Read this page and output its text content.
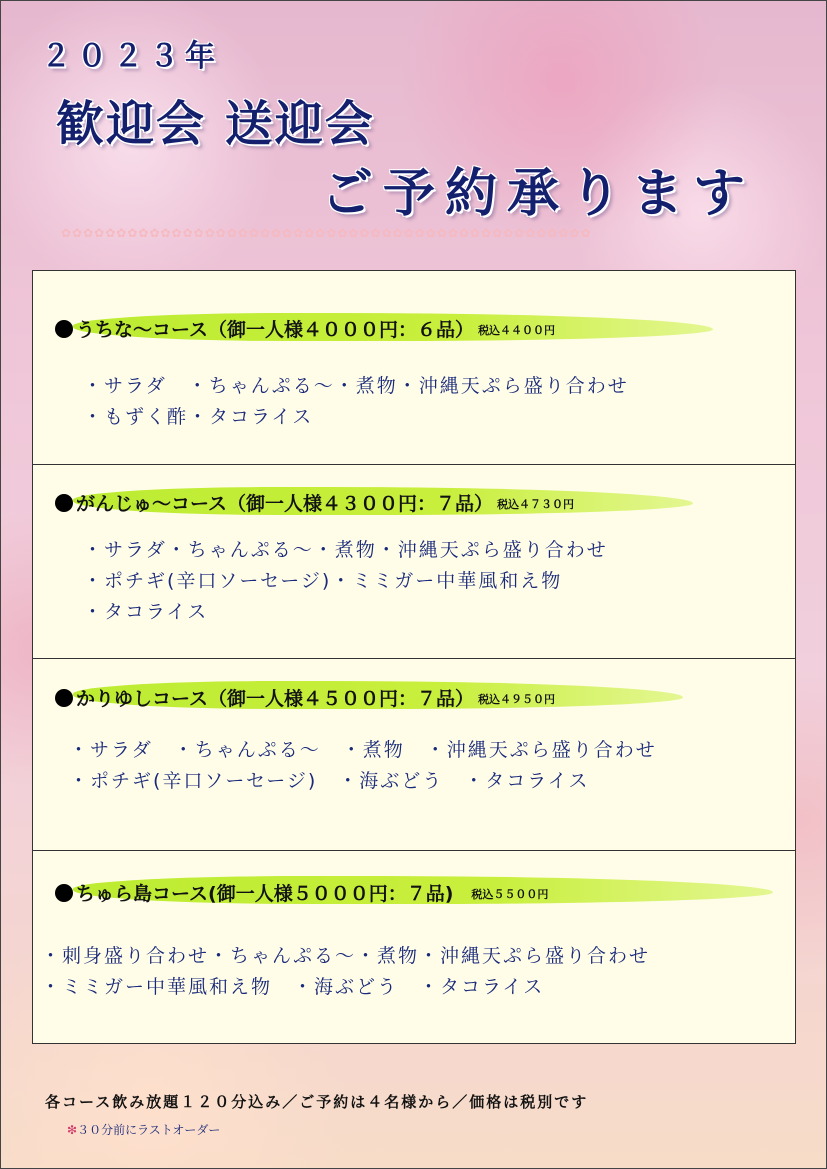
２０２３年
歓迎会 送迎会
ご予約承ります
✿✿✿✿✿✿✿✿✿✿✿✿✿✿✿✿✿✿✿✿✿✿✿✿✿✿✿✿✿✿✿✿✿✿✿✿✿✿✿✿✿✿✿✿✿✿✿✿
うちな～コース（御一人様４０００円：６品） 税込４４００円
・サラダ　・ちゃんぷる～・煮物・沖縄天ぷら盛り合わせ
・もずく酢・タコライス
がんじゅ～コース（御一人様４３００円：７品） 税込４７３０円
・サラダ・ちゃんぷる～・煮物・沖縄天ぷら盛り合わせ
・ポチギ(辛口ソーセージ)・ミミガー中華風和え物
・タコライス
かりゆしコース（御一人様４５００円：７品） 税込４９５０円
・サラダ　・ちゃんぷる～　・煮物　・沖縄天ぷら盛り合わせ
・ポチギ(辛口ソーセージ)　・海ぶどう　・タコライス
ちゅら島コース(御一人様５０００円：７品) 税込５５００円
・刺身盛り合わせ・ちゃんぷる～・煮物・沖縄天ぷら盛り合わせ
・ミミガー中華風和え物　・海ぶどう　・タコライス
各コース飲み放題１２０分込み／ご予約は４名様から／価格は税別です
❇３０分前にラストオーダー
